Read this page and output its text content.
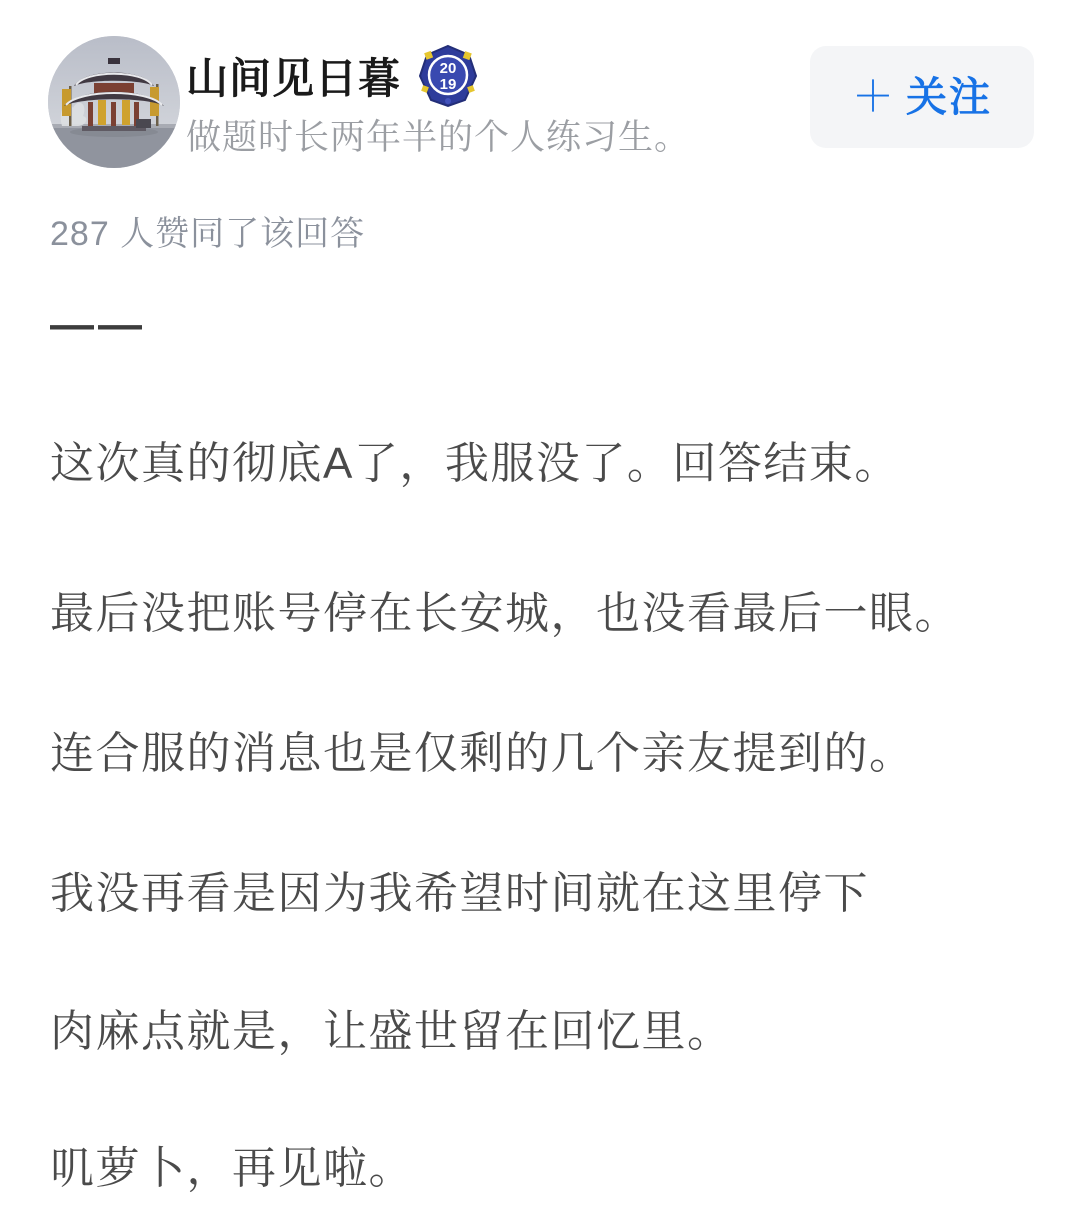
山间见日暮	20
19
做题时长两年半的个人练习生。
＋ 关注
287 人赞同了该回答
——
这次真的彻底A了，我服没了。回答结束。
最后没把账号停在长安城，也没看最后一眼。
连合服的消息也是仅剩的几个亲友提到的。
我没再看是因为我希望时间就在这里停下
肉麻点就是，让盛世留在回忆里。
叽萝卜，再见啦。
